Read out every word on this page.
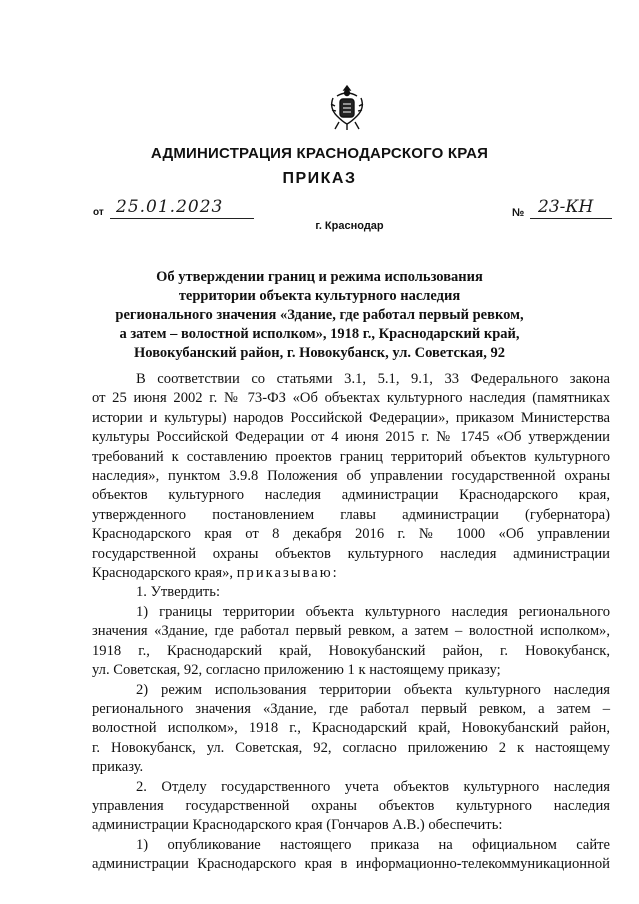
АДМИНИСТРАЦИЯ КРАСНОДАРСКОГО КРАЯ
ПРИКАЗ
от 25.01.2023
г. Краснодар
№ 23-КН
Об утверждении границ и режима использования
территории объекта культурного наследия
регионального значения «Здание, где работал первый ревком,
а затем – волостной исполком», 1918 г., Краснодарский край,
Новокубанский район, г. Новокубанск, ул. Советская, 92

В соответствии со статьями 3.1, 5.1, 9.1, 33 Федерального закона

от 25 июня 2002 г. № 73-ФЗ «Об объектах культурного наследия (памятниках

истории и культуры) народов Российской Федерации», приказом Министерства

культуры Российской Федерации от 4 июня 2015 г. № 1745 «Об утверждении

требований к составлению проектов границ территорий объектов культурного

наследия», пунктом 3.9.8 Положения об управлении государственной охраны

объектов культурного наследия администрации Краснодарского края,

утвержденного постановлением главы администрации (губернатора)

Краснодарского края от 8 декабря 2016 г. № 1000 «Об управлении

государственной охраны объектов культурного наследия администрации

Краснодарского края», приказываю:

1. Утвердить:

1) границы территории объекта культурного наследия регионального

значения «Здание, где работал первый ревком, а затем – волостной исполком»,

1918 г., Краснодарский край, Новокубанский район, г. Новокубанск,

ул. Советская, 92, согласно приложению 1 к настоящему приказу;

2) режим использования территории объекта культурного наследия

регионального значения «Здание, где работал первый ревком, а затем –

волостной исполком», 1918 г., Краснодарский край, Новокубанский район,

г. Новокубанск, ул. Советская, 92, согласно приложению 2 к настоящему

приказу.

2. Отделу государственного учета объектов культурного наследия

управления государственной охраны объектов культурного наследия

администрации Краснодарского края (Гончаров А.В.) обеспечить:

1) опубликование настоящего приказа на официальном сайте

администрации Краснодарского края в информационно-телекоммуникационной
